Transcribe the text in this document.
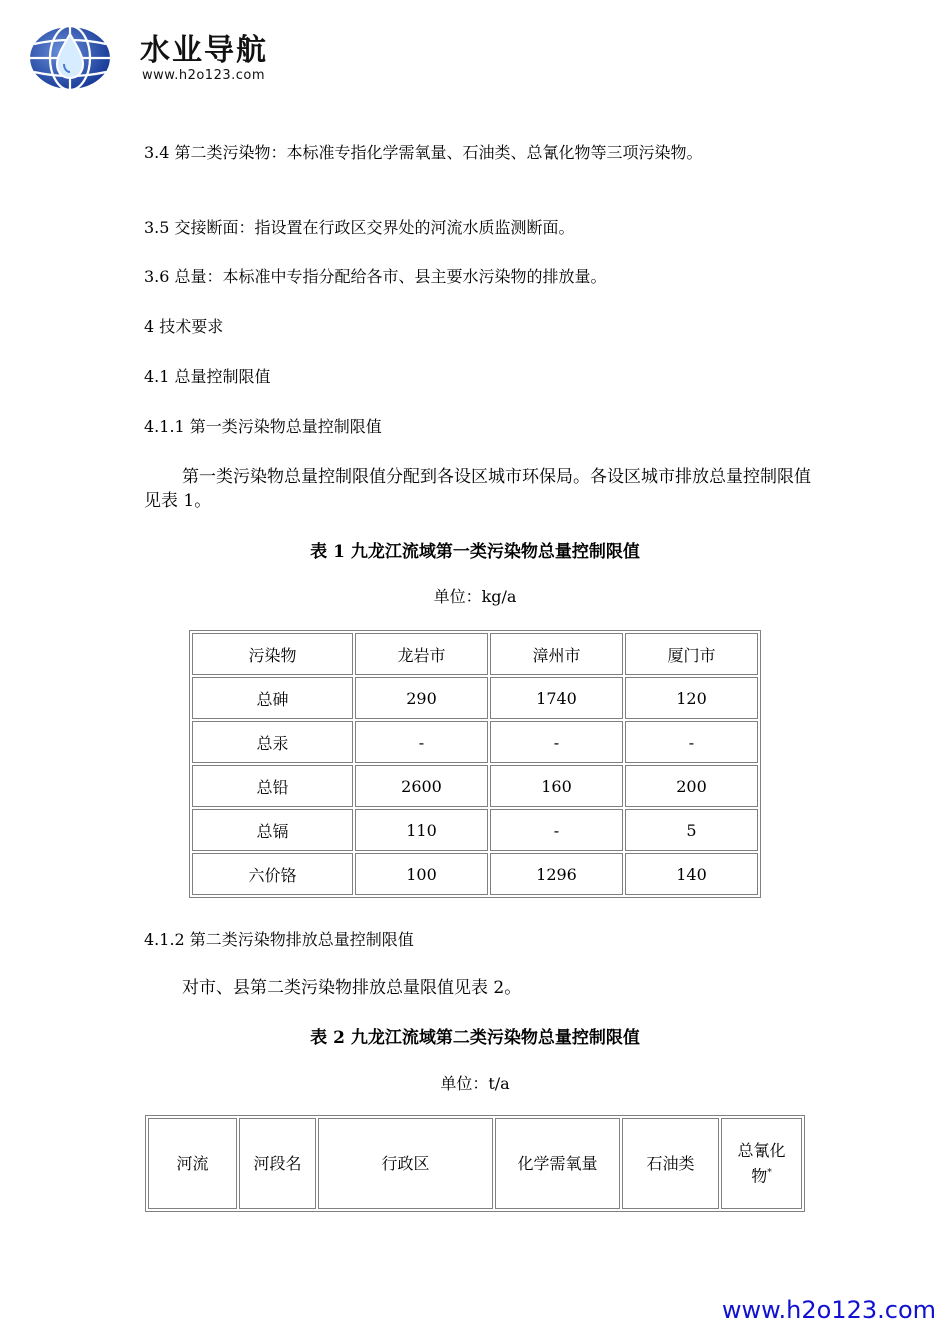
水业导航
www.h2o123.com
3.4 第二类污染物：本标准专指化学需氧量、石油类、总氰化物等三项污染物。
3.5 交接断面：指设置在行政区交界处的河流水质监测断面。
3.6 总量：本标准中专指分配给各市、县主要水污染物的排放量。
4 技术要求
4.1 总量控制限值
4.1.1 第一类污染物总量控制限值
第一类污染物总量控制限值分配到各设区城市环保局。各设区城市排放总量控制限值见表 1。
表 1 九龙江流域第一类污染物总量控制限值
单位：kg/a
污染物	龙岩市	漳州市	厦门市
总砷	290	1740	120
总汞	-	-	-
总铅	2600	160	200
总镉	110	-	5
六价铬	100	1296	140
4.1.2 第二类污染物排放总量控制限值
对市、县第二类污染物排放总量限值见表 2。
表 2 九龙江流域第二类污染物总量控制限值
单位：t/a
河流	河段名	行政区	化学需氧量	石油类	总氰化物*
www.h2o123.com
